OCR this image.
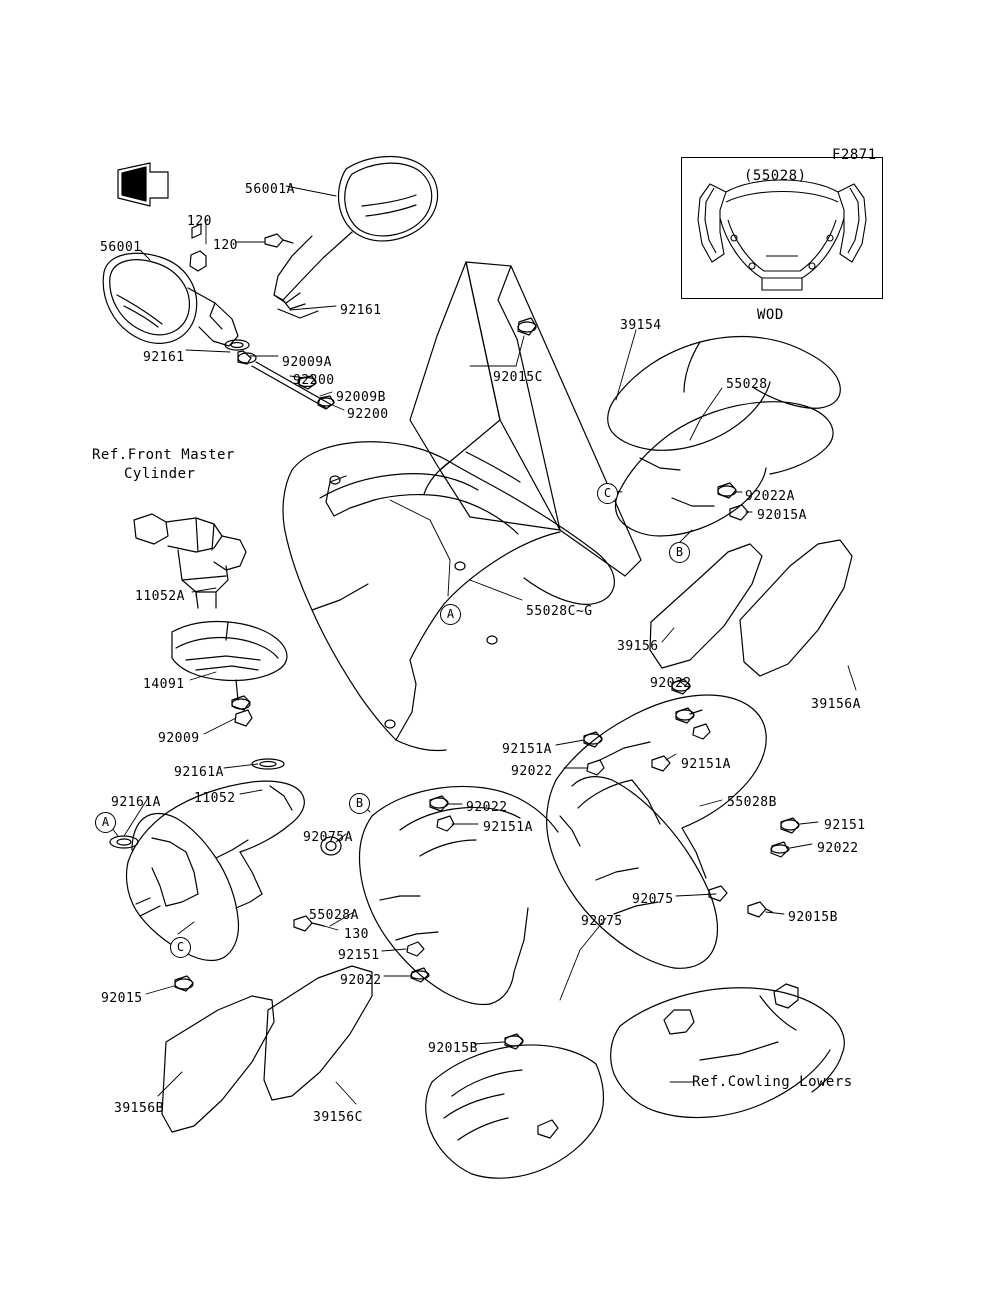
F2871
(55028)
WOD
Ref.Front Master
Cylinder
Ref.Cowling Lowers
56001A
120
120
56001
92161
92161	92009A
92200
92009B
92200
92015C
39154
55028
92022A
92015A
11052A
14091
92009
55028C~G
39156
39156A
92022
92151A
92022	92151A
92161A
92161A	11052
92075A
92022
92151A
55028B
92151
92022
92075
92075	92015B
55028A
130
92151
92022
92015
92015B
39156B
39156C
A
C
B
B
A
C
